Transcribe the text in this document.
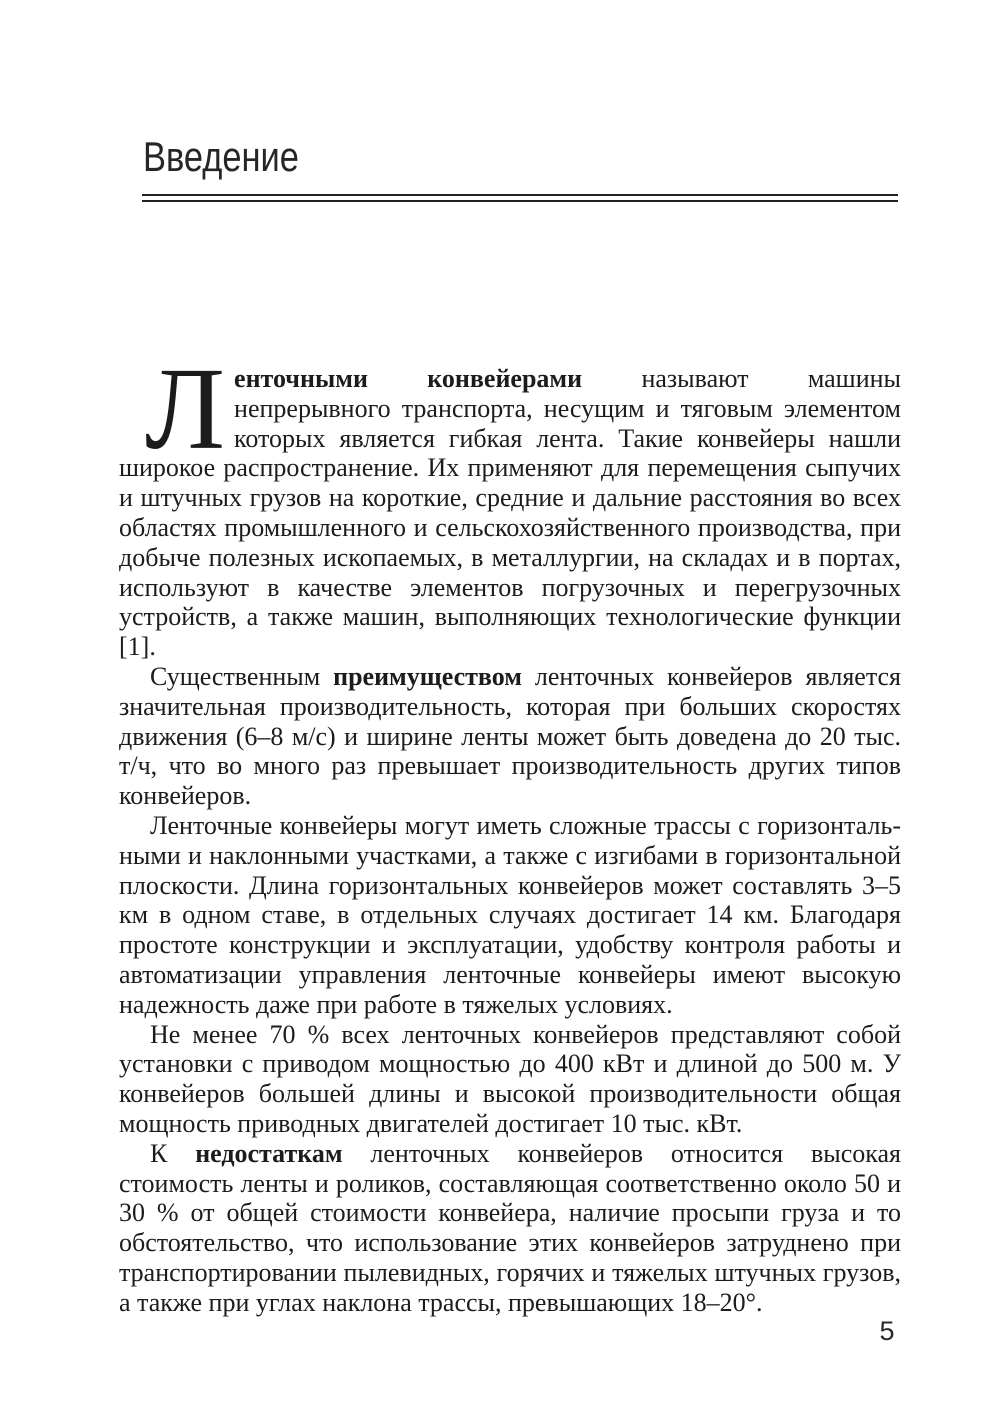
Введение

Ленточными конвейерами называют машины непрерывного транспорта, несущим и тяговым элементом которых является гибкая лента. Такие конвейеры нашли широкое распространение. Их применяют для перемещения сыпучих и штучных грузов на короткие, средние и дальние расстояния во всех областях промышленного и сельскохозяйственного производства, при добыче полезных ископаемых, в металлургии, на складах и в портах, используют в качестве элементов погрузочных и перегрузочных устройств, а также машин, выполняющих технологические функции [1].

Существенным преимуществом ленточных конвейеров является значительная производительность, которая при больших скоростях движения (6–8 м/с) и ширине ленты может быть доведена до 20 тыс. т/ч, что во много раз превышает производительность других типов конвейеров.

Ленточные конвейеры могут иметь сложные трассы с горизонтальными и наклонными участками, а также с изгибами в горизонтальной плоскости. Длина горизонтальных конвейеров может составлять 3–5 км в одном ставе, в отдельных случаях достигает 14 км. Благодаря простоте конструкции и эксплуатации, удобству контроля работы и автоматизации управления ленточные конвейеры имеют высокую надежность даже при работе в тяжелых условиях.

Не менее 70 % всех ленточных конвейеров представляют собой установки с приводом мощностью до 400 кВт и длиной до 500 м. У конвейеров большей длины и высокой производительности общая мощность приводных двигателей достигает 10 тыс. кВт.

К недостаткам ленточных конвейеров относится высокая стоимость ленты и роликов, составляющая соответственно около 50 и 30 % от общей стоимости конвейера, наличие просыпи груза и то обстоятельство, что использование этих конвейеров затруднено при транспортировании пылевидных, горячих и тяжелых штучных грузов, а также при углах наклона трассы, превышающих 18–20°.

5
